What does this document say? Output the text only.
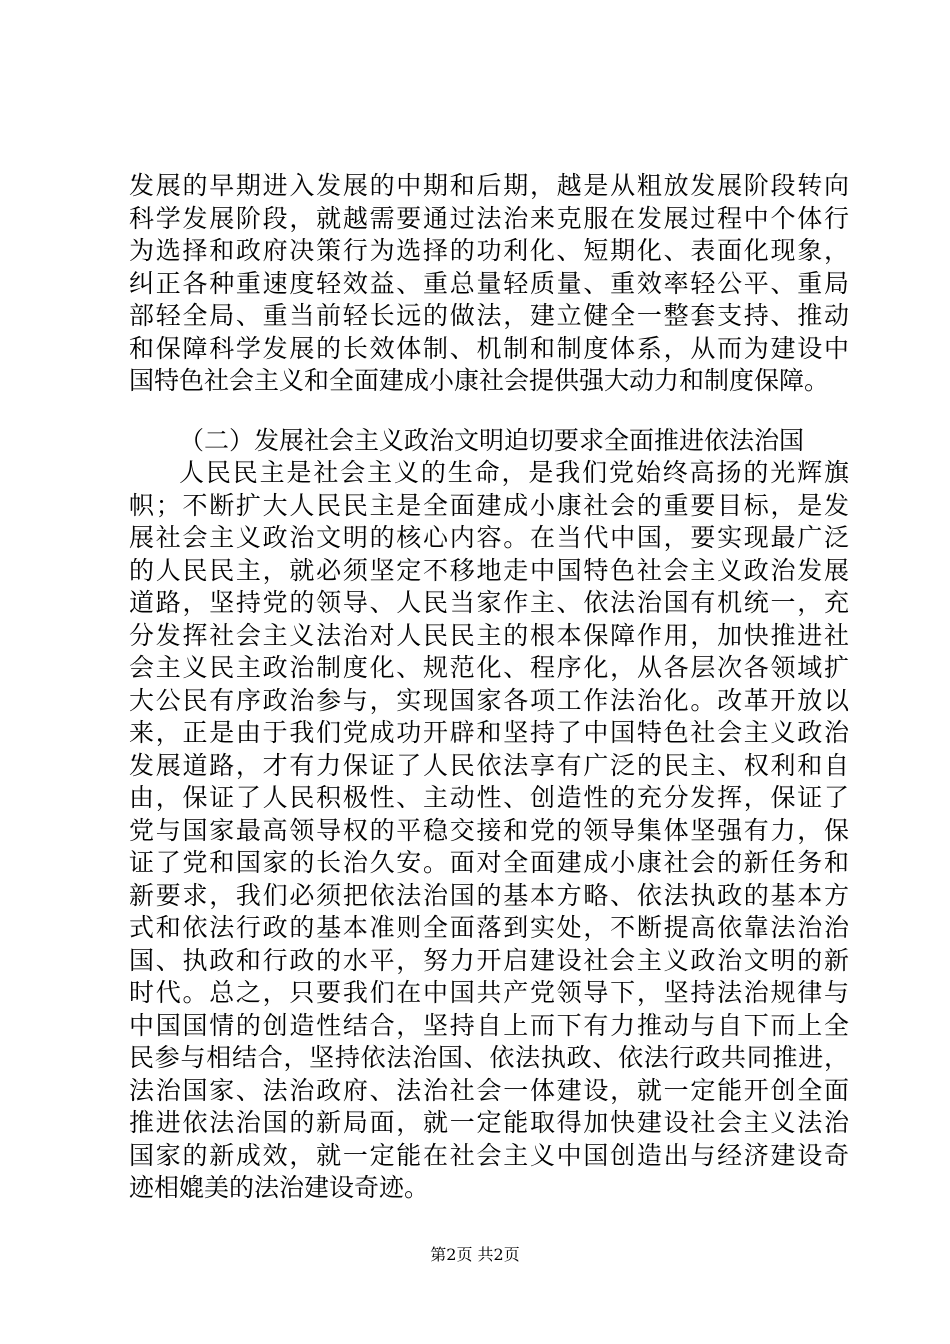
发展的早期进入发展的中期和后期，越是从粗放发展阶段转向
科学发展阶段，就越需要通过法治来克服在发展过程中个体行
为选择和政府决策行为选择的功利化、短期化、表面化现象，
纠正各种重速度轻效益、重总量轻质量、重效率轻公平、重局
部轻全局、重当前轻长远的做法，建立健全一整套支持、推动
和保障科学发展的长效体制、机制和制度体系，从而为建设中
国特色社会主义和全面建成小康社会提供强大动力和制度保障。
（二）发展社会主义政治文明迫切要求全面推进依法治国
人民民主是社会主义的生命，是我们党始终高扬的光辉旗
帜；不断扩大人民民主是全面建成小康社会的重要目标，是发
展社会主义政治文明的核心内容。在当代中国，要实现最广泛
的人民民主，就必须坚定不移地走中国特色社会主义政治发展
道路，坚持党的领导、人民当家作主、依法治国有机统一，充
分发挥社会主义法治对人民民主的根本保障作用，加快推进社
会主义民主政治制度化、规范化、程序化，从各层次各领域扩
大公民有序政治参与，实现国家各项工作法治化。改革开放以
来，正是由于我们党成功开辟和坚持了中国特色社会主义政治
发展道路，才有力保证了人民依法享有广泛的民主、权利和自
由，保证了人民积极性、主动性、创造性的充分发挥，保证了
党与国家最高领导权的平稳交接和党的领导集体坚强有力，保
证了党和国家的长治久安。面对全面建成小康社会的新任务和
新要求，我们必须把依法治国的基本方略、依法执政的基本方
式和依法行政的基本准则全面落到实处，不断提高依靠法治治
国、执政和行政的水平，努力开启建设社会主义政治文明的新
时代。总之，只要我们在中国共产党领导下，坚持法治规律与
中国国情的创造性结合，坚持自上而下有力推动与自下而上全
民参与相结合，坚持依法治国、依法执政、依法行政共同推进，
法治国家、法治政府、法治社会一体建设，就一定能开创全面
推进依法治国的新局面，就一定能取得加快建设社会主义法治
国家的新成效，就一定能在社会主义中国创造出与经济建设奇
迹相媲美的法治建设奇迹。
第2页 共2页
